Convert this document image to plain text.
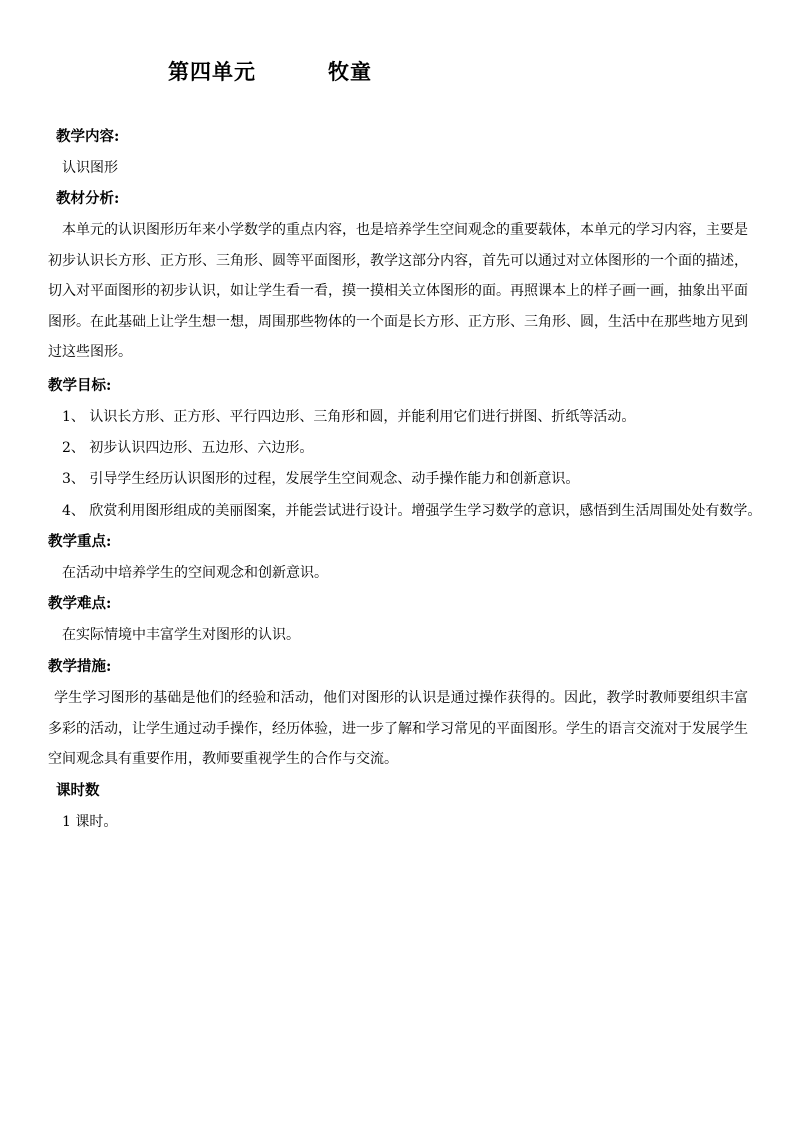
第四单元	牧童
教学内容:
认识图形
教材分析:
本单元的认识图形历年来小学数学的重点内容，也是培养学生空间观念的重要载体，本单元的学习内容，主要是初步认识长方形、正方形、三角形、圆等平面图形，教学这部分内容，首先可以通过对立体图形的一个面的描述，切入对平面图形的初步认识，如让学生看一看，摸一摸相关立体图形的面。再照课本上的样子画一画，抽象出平面图形。在此基础上让学生想一想，周围那些物体的一个面是长方形、正方形、三角形、圆，生活中在那些地方见到过这些图形。
教学目标:
1、 认识长方形、正方形、平行四边形、三角形和圆，并能利用它们进行拼图、折纸等活动。
2、 初步认识四边形、五边形、六边形。
3、 引导学生经历认识图形的过程，发展学生空间观念、动手操作能力和创新意识。
4、 欣赏利用图形组成的美丽图案，并能尝试进行设计。增强学生学习数学的意识，感悟到生活周围处处有数学。
教学重点:
在活动中培养学生的空间观念和创新意识。
教学难点:
在实际情境中丰富学生对图形的认识。
教学措施:
学生学习图形的基础是他们的经验和活动，他们对图形的认识是通过操作获得的。因此，教学时教师要组织丰富多彩的活动，让学生通过动手操作，经历体验，进一步了解和学习常见的平面图形。学生的语言交流对于发展学生空间观念具有重要作用，教师要重视学生的合作与交流。
课时数
1 课时。
